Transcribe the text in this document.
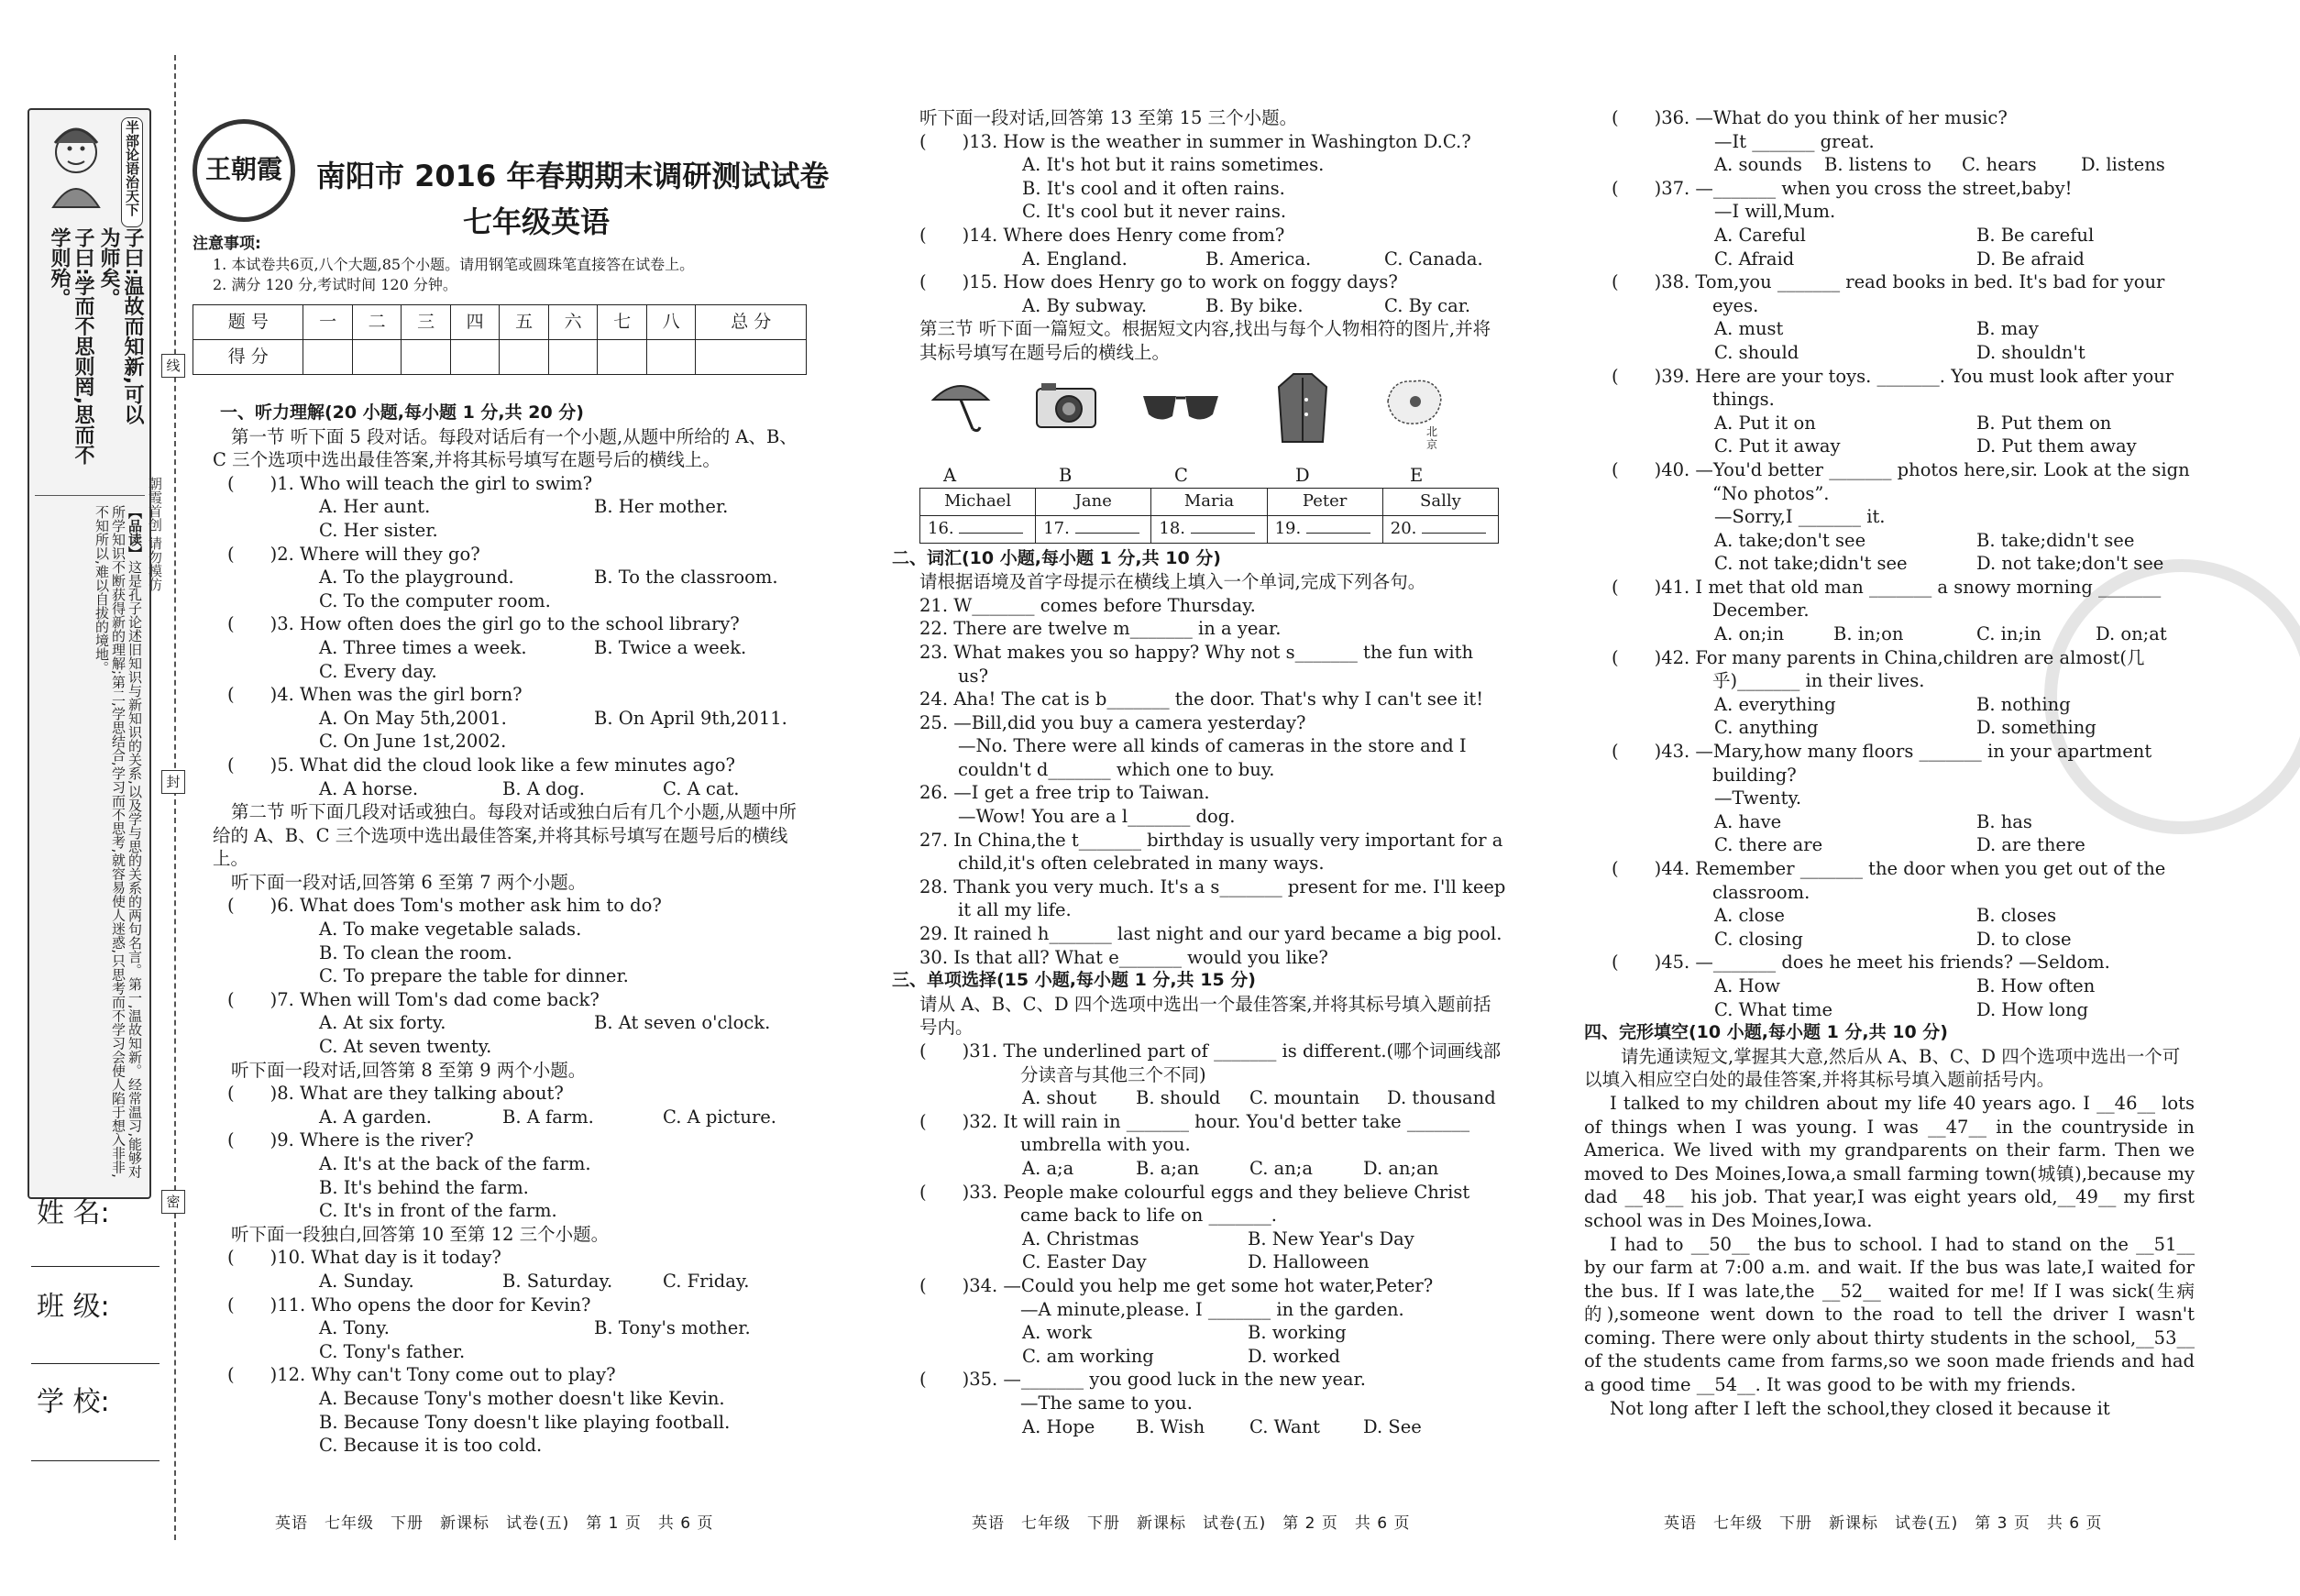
半部论语治天下
子曰:温故而知新,可以为师矣。
子曰:学而不思则罔,思而不学则殆。
【品读】这是孔子论述旧知识与新知识的关系,以及学与思的关系的两句名言。第一,温故知新。经常温习,能够对所学知识不断获得新的理解;第二,学思结合,学习而不思考,就容易使人迷惑,只思考而不学习会使人陷于想入非非,不知所以,难以自拔的境地。	朝霞首创 请勿模仿
线
封
密
姓 名:
班 级:
学 校:
王朝霞 南阳市 2016 年春期期末调研测试试卷
七年级英语
注意事项:
1. 本试卷共6页,八个大题,85个小题。请用钢笔或圆珠笔直接答在试卷上。
2. 满分 120 分,考试时间 120 分钟。
题 号	一	二	三	四	五	六	七	八	总 分
得 分									
一、听力理解(20 小题,每小题 1 分,共 20 分)
第一节 听下面 5 段对话。每段对话后有一个小题,从题中所给的 A、B、C 三个选项中选出最佳答案,并将其标号填写在题号后的横线上。
(　　)1. Who will teach the girl to swim?
A. Her aunt.	B. Her mother.
C. Her sister.
(　　)2. Where will they go?
A. To the playground.	B. To the classroom.
C. To the computer room.
(　　)3. How often does the girl go to the school library?
A. Three times a week.	B. Twice a week.
C. Every day.
(　　)4. When was the girl born?
A. On May 5th,2001.	B. On April 9th,2011.
C. On June 1st,2002.
(　　)5. What did the cloud look like a few minutes ago?
A. A horse.	B. A dog.	C. A cat.
第二节 听下面几段对话或独白。每段对话或独白后有几个小题,从题中所给的 A、B、C 三个选项中选出最佳答案,并将其标号填写在题号后的横线上。
听下面一段对话,回答第 6 至第 7 两个小题。
(　　)6. What does Tom's mother ask him to do?
A. To make vegetable salads.
B. To clean the room.
C. To prepare the table for dinner.
(　　)7. When will Tom's dad come back?
A. At six forty.	B. At seven o'clock.
C. At seven twenty.
听下面一段对话,回答第 8 至第 9 两个小题。
(　　)8. What are they talking about?
A. A garden.	B. A farm.	C. A picture.
(　　)9. Where is the river?
A. It's at the back of the farm.
B. It's behind the farm.
C. It's in front of the farm.
听下面一段独白,回答第 10 至第 12 三个小题。
(　　)10. What day is it today?
A. Sunday.	B. Saturday.	C. Friday.
(　　)11. Who opens the door for Kevin?
A. Tony.	B. Tony's mother.
C. Tony's father.
(　　)12. Why can't Tony come out to play?
A. Because Tony's mother doesn't like Kevin.
B. Because Tony doesn't like playing football.
C. Because it is too cold.
英语　七年级　下册　新课标　试卷(五)　第 1 页　共 6 页
听下面一段对话,回答第 13 至第 15 三个小题。
(　　)13. How is the weather in summer in Washington D.C.?
A. It's hot but it rains sometimes.
B. It's cool and it often rains.
C. It's cool but it never rains.
(　　)14. Where does Henry come from?
A. England.	B. America.	C. Canada.
(　　)15. How does Henry go to work on foggy days?
A. By subway.	B. By bike.	C. By car.
第三节 听下面一篇短文。根据短文内容,找出与每个人物相符的图片,并将其标号填写在题号后的横线上。
北京
A	B	C	D	E
Michael	Jane	Maria	Peter	Sally
16.	17.	18.	19.	20.
二、词汇(10 小题,每小题 1 分,共 10 分)
请根据语境及首字母提示在横线上填入一个单词,完成下列各句。
21. W_______ comes before Thursday.
22. There are twelve m_______ in a year.
23. What makes you so happy? Why not s_______ the fun with us?
24. Aha! The cat is b_______ the door. That's why I can't see it!
25. —Bill,did you buy a camera yesterday?
—No. There were all kinds of cameras in the store and I couldn't d_______ which one to buy.
26. —I get a free trip to Taiwan.
—Wow! You are a l_______ dog.
27. In China,the t_______ birthday is usually very important for a child,it's often celebrated in many ways.
28. Thank you very much. It's a s_______ present for me. I'll keep it all my life.
29. It rained h_______ last night and our yard became a big pool.
30. Is that all? What e_______ would you like?
三、单项选择(15 小题,每小题 1 分,共 15 分)
请从 A、B、C、D 四个选项中选出一个最佳答案,并将其标号填入题前括号内。
(　　)31. The underlined part of _______ is different.(哪个词画线部分读音与其他三个不同)
A. shout B. should C. mountain D. thousand
(　　)32. It will rain in _______ hour. You'd better take _______ umbrella with you.
A. a;a	B. a;an	C. an;a	D. an;an
(　　)33. People make colourful eggs and they believe Christ came back to life on _______.
A. Christmas	B. New Year's Day
C. Easter Day	D. Halloween
(　　)34. —Could you help me get some hot water,Peter?
—A minute,please. I _______ in the garden.
A. work	B. working
C. am working	D. worked
(　　)35. —_______ you good luck in the new year.
—The same to you.
A. Hope B. Wish	C. Want D. See
英语　七年级　下册　新课标　试卷(五)　第 2 页　共 6 页
(　　)36. —What do you think of her music?
—It _______ great.
A. sounds B. listens to C. hears D. listens
(　　)37. —_______ when you cross the street,baby!
—I will,Mum.
A. Careful	B. Be careful
C. Afraid	D. Be afraid
(　　)38. Tom,you _______ read books in bed. It's bad for your eyes.
A. must	B. may
C. should	D. shouldn't
(　　)39. Here are your toys. _______. You must look after your things.
A. Put it on	B. Put them on
C. Put it away	D. Put them away
(　　)40. —You'd better _______ photos here,sir. Look at the sign “No photos”.
—Sorry,I _______ it.
A. take;don't see	B. take;didn't see
C. not take;didn't see	D. not take;don't see
(　　)41. I met that old man _______ a snowy morning _______ December.
A. on;in	B. in;on	C. in;in	D. on;at
(　　)42. For many parents in China,children are almost(几乎)_______ in their lives.
A. everything	B. nothing
C. anything	D. something
(　　)43. —Mary,how many floors _______ in your apartment building?
—Twenty.
A. have	B. has
C. there are	D. are there
(　　)44. Remember _______ the door when you get out of the classroom.
A. close	B. closes
C. closing	D. to close
(　　)45. —_______ does he meet his friends? —Seldom.
A. How	B. How often
C. What time	D. How long
四、完形填空(10 小题,每小题 1 分,共 10 分)
请先通读短文,掌握其大意,然后从 A、B、C、D 四个选项中选出一个可以填入相应空白处的最佳答案,并将其标号填入题前括号内。
I talked to my children about my life 40 years ago. I __46__ lots of things when I was young. I was __47__ in the countryside in America. We lived with my grandparents on their farm. Then we moved to Des Moines,Iowa,a small farming town(城镇),because my dad __48__ his job. That year,I was eight years old,__49__ my first school was in Des Moines,Iowa.
I had to __50__ the bus to school. I had to stand on the __51__ by our farm at 7:00 a.m. and wait. If the bus was late,I waited for the bus. If I was late,the __52__ waited for me! If I was sick(生病的),someone went down to the road to tell the driver I wasn't coming. There were only about thirty students in the school,__53__ of the students came from farms,so we soon made friends and had a good time __54__. It was good to be with my friends.
Not long after I left the school,they closed it because it
英语　七年级　下册　新课标　试卷(五)　第 3 页　共 6 页
